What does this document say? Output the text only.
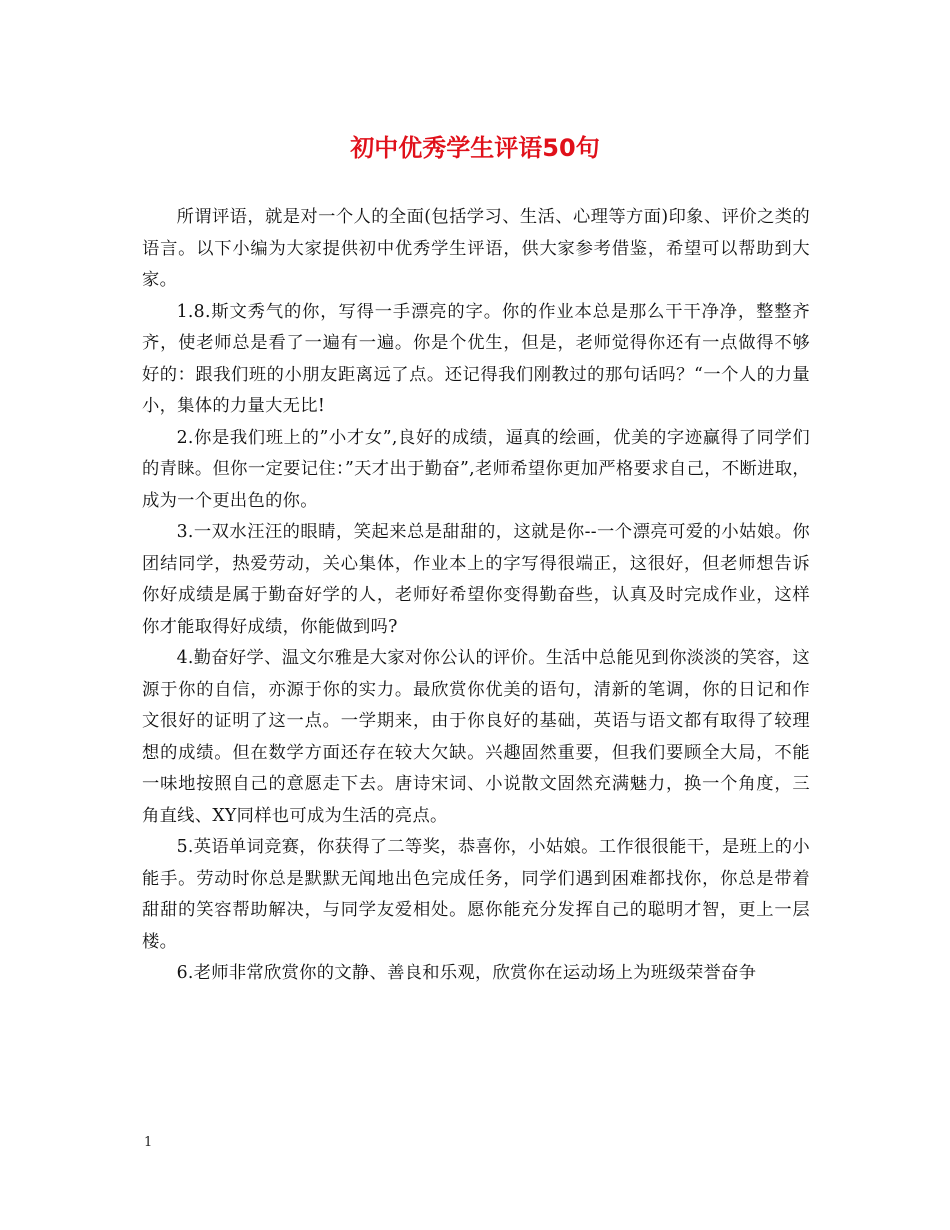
初中优秀学生评语50句

所谓评语，就是对一个人的全面(包括学习、生活、心理等方面)印象、评价之类的语言。以下小编为大家提供初中优秀学生评语，供大家参考借鉴，希望可以帮助到大家。

1.8.斯文秀气的你，写得一手漂亮的字。你的作业本总是那么干干净净，整整齐齐，使老师总是看了一遍有一遍。你是个优生，但是，老师觉得你还有一点做得不够好的：跟我们班的小朋友距离远了点。还记得我们刚教过的那句话吗？“一个人的力量小，集体的力量大无比!

2.你是我们班上的”小才女”,良好的成绩，逼真的绘画，优美的字迹赢得了同学们的青睐。但你一定要记住：”天才出于勤奋”,老师希望你更加严格要求自己，不断进取，成为一个更出色的你。

3.一双水汪汪的眼睛，笑起来总是甜甜的，这就是你--一个漂亮可爱的小姑娘。你团结同学，热爱劳动，关心集体，作业本上的字写得很端正，这很好，但老师想告诉你好成绩是属于勤奋好学的人，老师好希望你变得勤奋些，认真及时完成作业，这样你才能取得好成绩，你能做到吗?

4.勤奋好学、温文尔雅是大家对你公认的评价。生活中总能见到你淡淡的笑容，这源于你的自信，亦源于你的实力。最欣赏你优美的语句，清新的笔调，你的日记和作文很好的证明了这一点。一学期来，由于你良好的基础，英语与语文都有取得了较理想的成绩。但在数学方面还存在较大欠缺。兴趣固然重要，但我们要顾全大局，不能一味地按照自己的意愿走下去。唐诗宋词、小说散文固然充满魅力，换一个角度，三角直线、XY同样也可成为生活的亮点。

5.英语单词竞赛，你获得了二等奖，恭喜你，小姑娘。工作很很能干，是班上的小能手。劳动时你总是默默无闻地出色完成任务，同学们遇到困难都找你，你总是带着甜甜的笑容帮助解决，与同学友爱相处。愿你能充分发挥自己的聪明才智，更上一层楼。

6.老师非常欣赏你的文静、善良和乐观，欣赏你在运动场上为班级荣誉奋争

1
